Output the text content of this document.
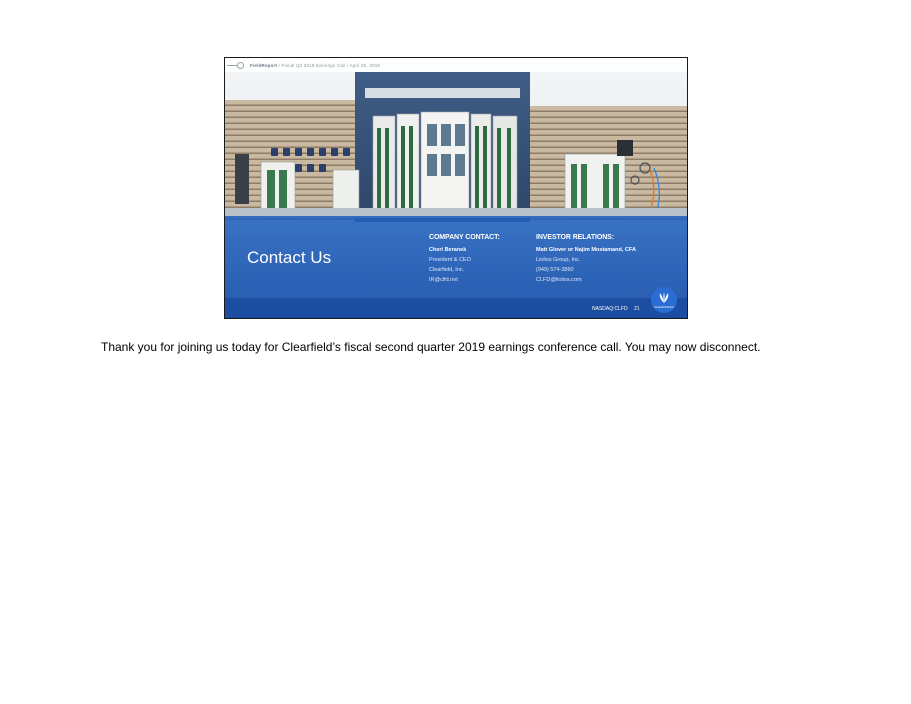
FieldReport / Fiscal Q2 2019 Earnings Call / April 25, 2019
Contact Us
COMPANY CONTACT:
Cheri Beranek
President & CEO
Clearfield, Inc.
IR@clfd.net
INVESTOR RELATIONS:
Matt Glover or Najim Mostamand, CFA
Liolios Group, Inc.
(949) 574-3860
CLFD@liolios.com
NASDAQ:CLFD 21	CLEARFIELD
Thank you for joining us today for Clearfield’s fiscal second quarter 2019 earnings conference call. You may now disconnect.
